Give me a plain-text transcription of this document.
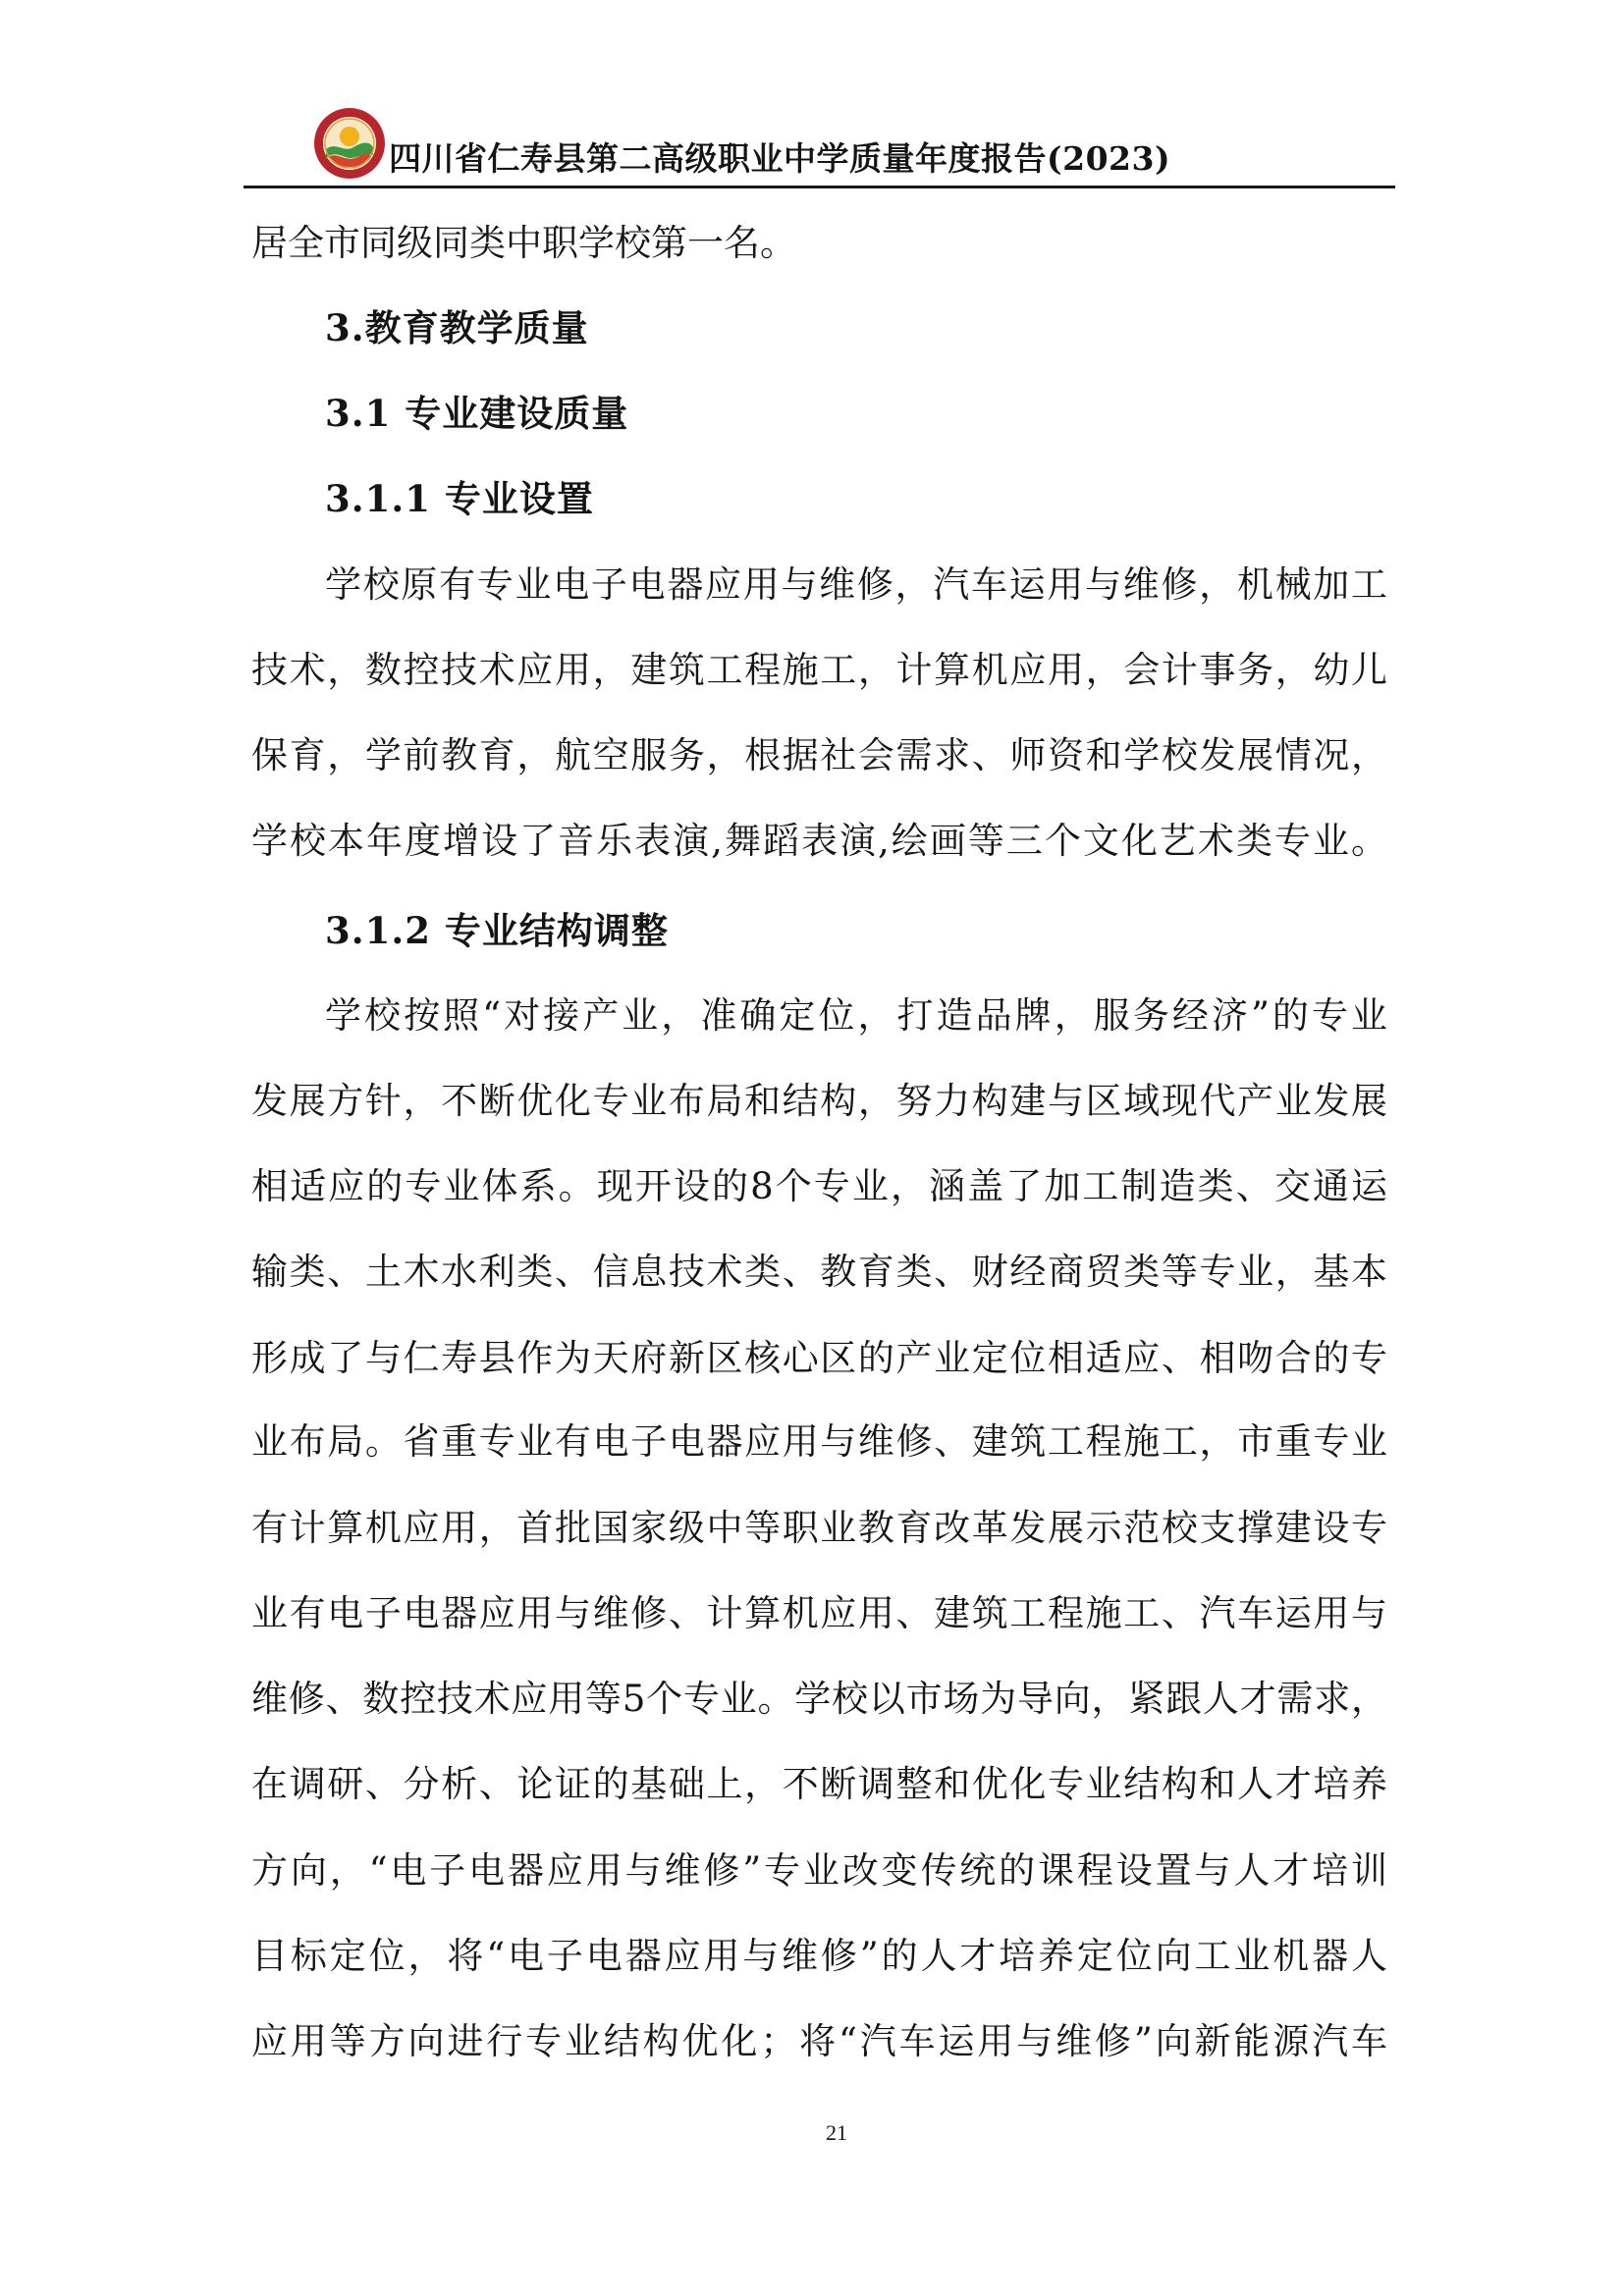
四川省仁寿县第二高级职业中学质量年度报告(2023)
居全市同级同类中职学校第一名。
3.教育教学质量
3.1 专业建设质量
3.1.1 专业设置
学校原有专业电子电器应用与维修，汽车运用与维修，机械加工
技术，数控技术应用，建筑工程施工，计算机应用，会计事务，幼儿
保育，学前教育，航空服务，根据社会需求、师资和学校发展情况，
学校本年度增设了音乐表演,舞蹈表演,绘画等三个文化艺术类专业。
3.1.2 专业结构调整
学校按照“对接产业，准确定位，打造品牌，服务经济”的专业
发展方针，不断优化专业布局和结构，努力构建与区域现代产业发展
相适应的专业体系。现开设的8个专业，涵盖了加工制造类、交通运
输类、土木水利类、信息技术类、教育类、财经商贸类等专业，基本
形成了与仁寿县作为天府新区核心区的产业定位相适应、相吻合的专
业布局。省重专业有电子电器应用与维修、建筑工程施工，市重专业
有计算机应用，首批国家级中等职业教育改革发展示范校支撑建设专
业有电子电器应用与维修、计算机应用、建筑工程施工、汽车运用与
维修、数控技术应用等5个专业。学校以市场为导向，紧跟人才需求，
在调研、分析、论证的基础上，不断调整和优化专业结构和人才培养
方向，“电子电器应用与维修”专业改变传统的课程设置与人才培训
目标定位，将“电子电器应用与维修”的人才培养定位向工业机器人
应用等方向进行专业结构优化；将“汽车运用与维修”向新能源汽车
21
